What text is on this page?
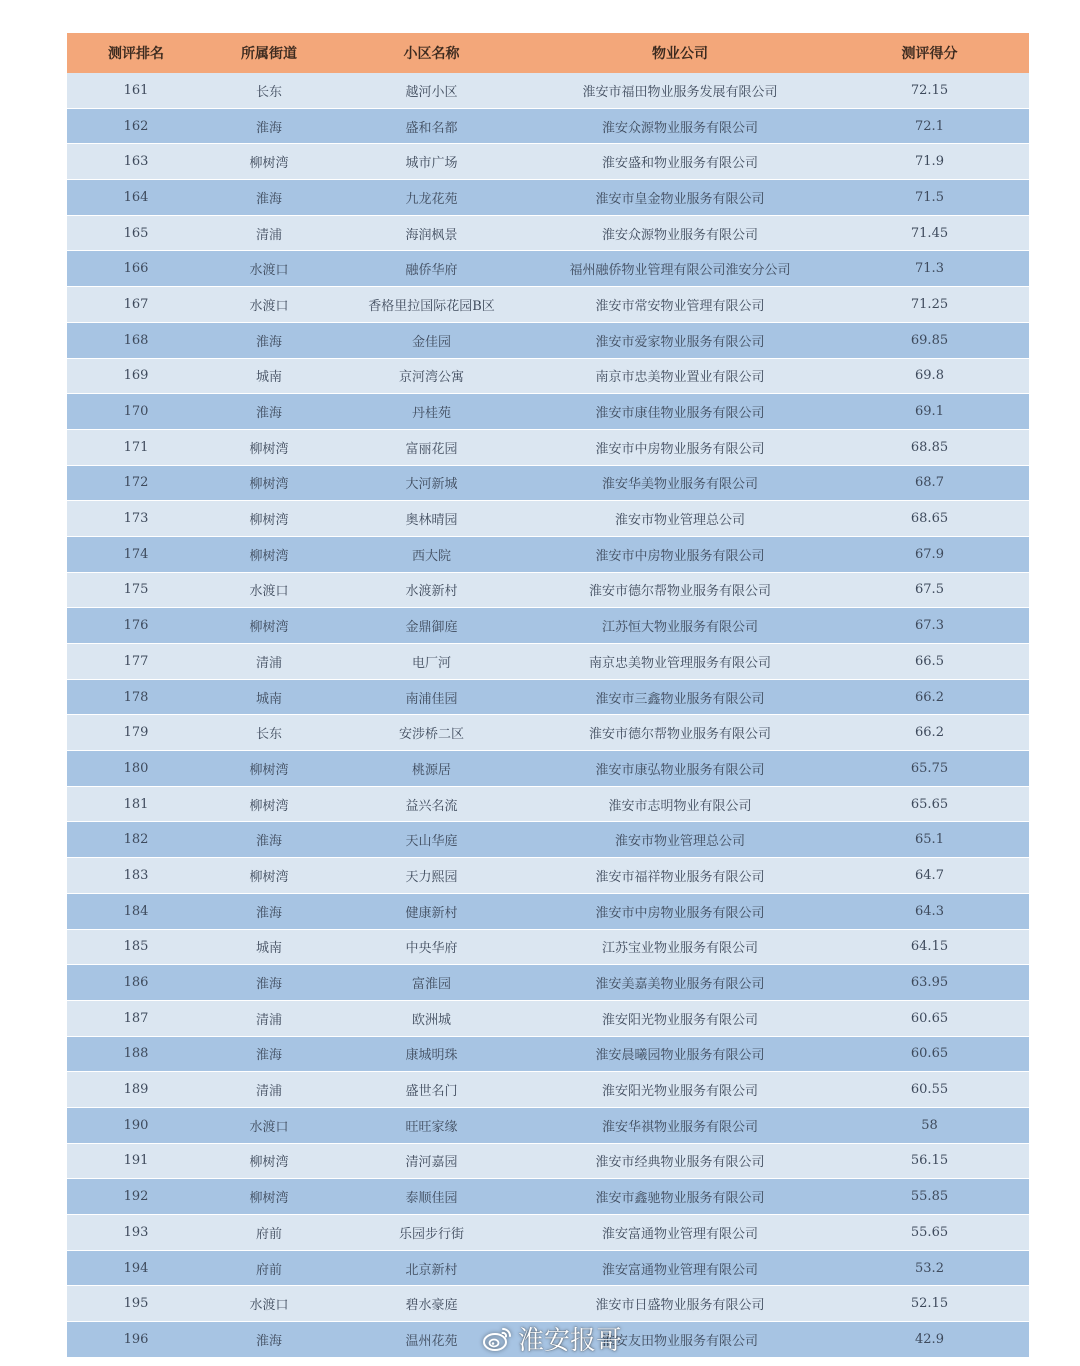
测评排名	所属街道	小区名称	物业公司	测评得分
161	长东	越河小区	淮安市福田物业服务发展有限公司	72.15
162	淮海	盛和名都	淮安众源物业服务有限公司	72.1
163	柳树湾	城市广场	淮安盛和物业服务有限公司	71.9
164	淮海	九龙花苑	淮安市皇金物业服务有限公司	71.5
165	清浦	海润枫景	淮安众源物业服务有限公司	71.45
166	水渡口	融侨华府	福州融侨物业管理有限公司淮安分公司	71.3
167	水渡口	香格里拉国际花园B区	淮安市常安物业管理有限公司	71.25
168	淮海	金佳园	淮安市爱家物业服务有限公司	69.85
169	城南	京河湾公寓	南京市忠美物业置业有限公司	69.8
170	淮海	丹桂苑	淮安市康佳物业服务有限公司	69.1
171	柳树湾	富丽花园	淮安市中房物业服务有限公司	68.85
172	柳树湾	大河新城	淮安华美物业服务有限公司	68.7
173	柳树湾	奥林晴园	淮安市物业管理总公司	68.65
174	柳树湾	西大院	淮安市中房物业服务有限公司	67.9
175	水渡口	水渡新村	淮安市德尔帮物业服务有限公司	67.5
176	柳树湾	金鼎御庭	江苏恒大物业服务有限公司	67.3
177	清浦	电厂河	南京忠美物业管理服务有限公司	66.5
178	城南	南浦佳园	淮安市三鑫物业服务有限公司	66.2
179	长东	安涉桥二区	淮安市德尔帮物业服务有限公司	66.2
180	柳树湾	桃源居	淮安市康弘物业服务有限公司	65.75
181	柳树湾	益兴名流	淮安市志明物业有限公司	65.65
182	淮海	天山华庭	淮安市物业管理总公司	65.1
183	柳树湾	天力熙园	淮安市福祥物业服务有限公司	64.7
184	淮海	健康新村	淮安市中房物业服务有限公司	64.3
185	城南	中央华府	江苏宝业物业服务有限公司	64.15
186	淮海	富淮园	淮安美嘉美物业服务有限公司	63.95
187	清浦	欧洲城	淮安阳光物业服务有限公司	60.65
188	淮海	康城明珠	淮安晨曦园物业服务有限公司	60.65
189	清浦	盛世名门	淮安阳光物业服务有限公司	60.55
190	水渡口	旺旺家缘	淮安华祺物业服务有限公司	58
191	柳树湾	清河嘉园	淮安市经典物业服务有限公司	56.15
192	柳树湾	泰顺佳园	淮安市鑫驰物业服务有限公司	55.85
193	府前	乐园步行街	淮安富通物业管理有限公司	55.65
194	府前	北京新村	淮安富通物业管理有限公司	53.2
195	水渡口	碧水豪庭	淮安市日盛物业服务有限公司	52.15
196	淮海	温州花苑	淮安友田物业服务有限公司	42.9
淮安报哥
